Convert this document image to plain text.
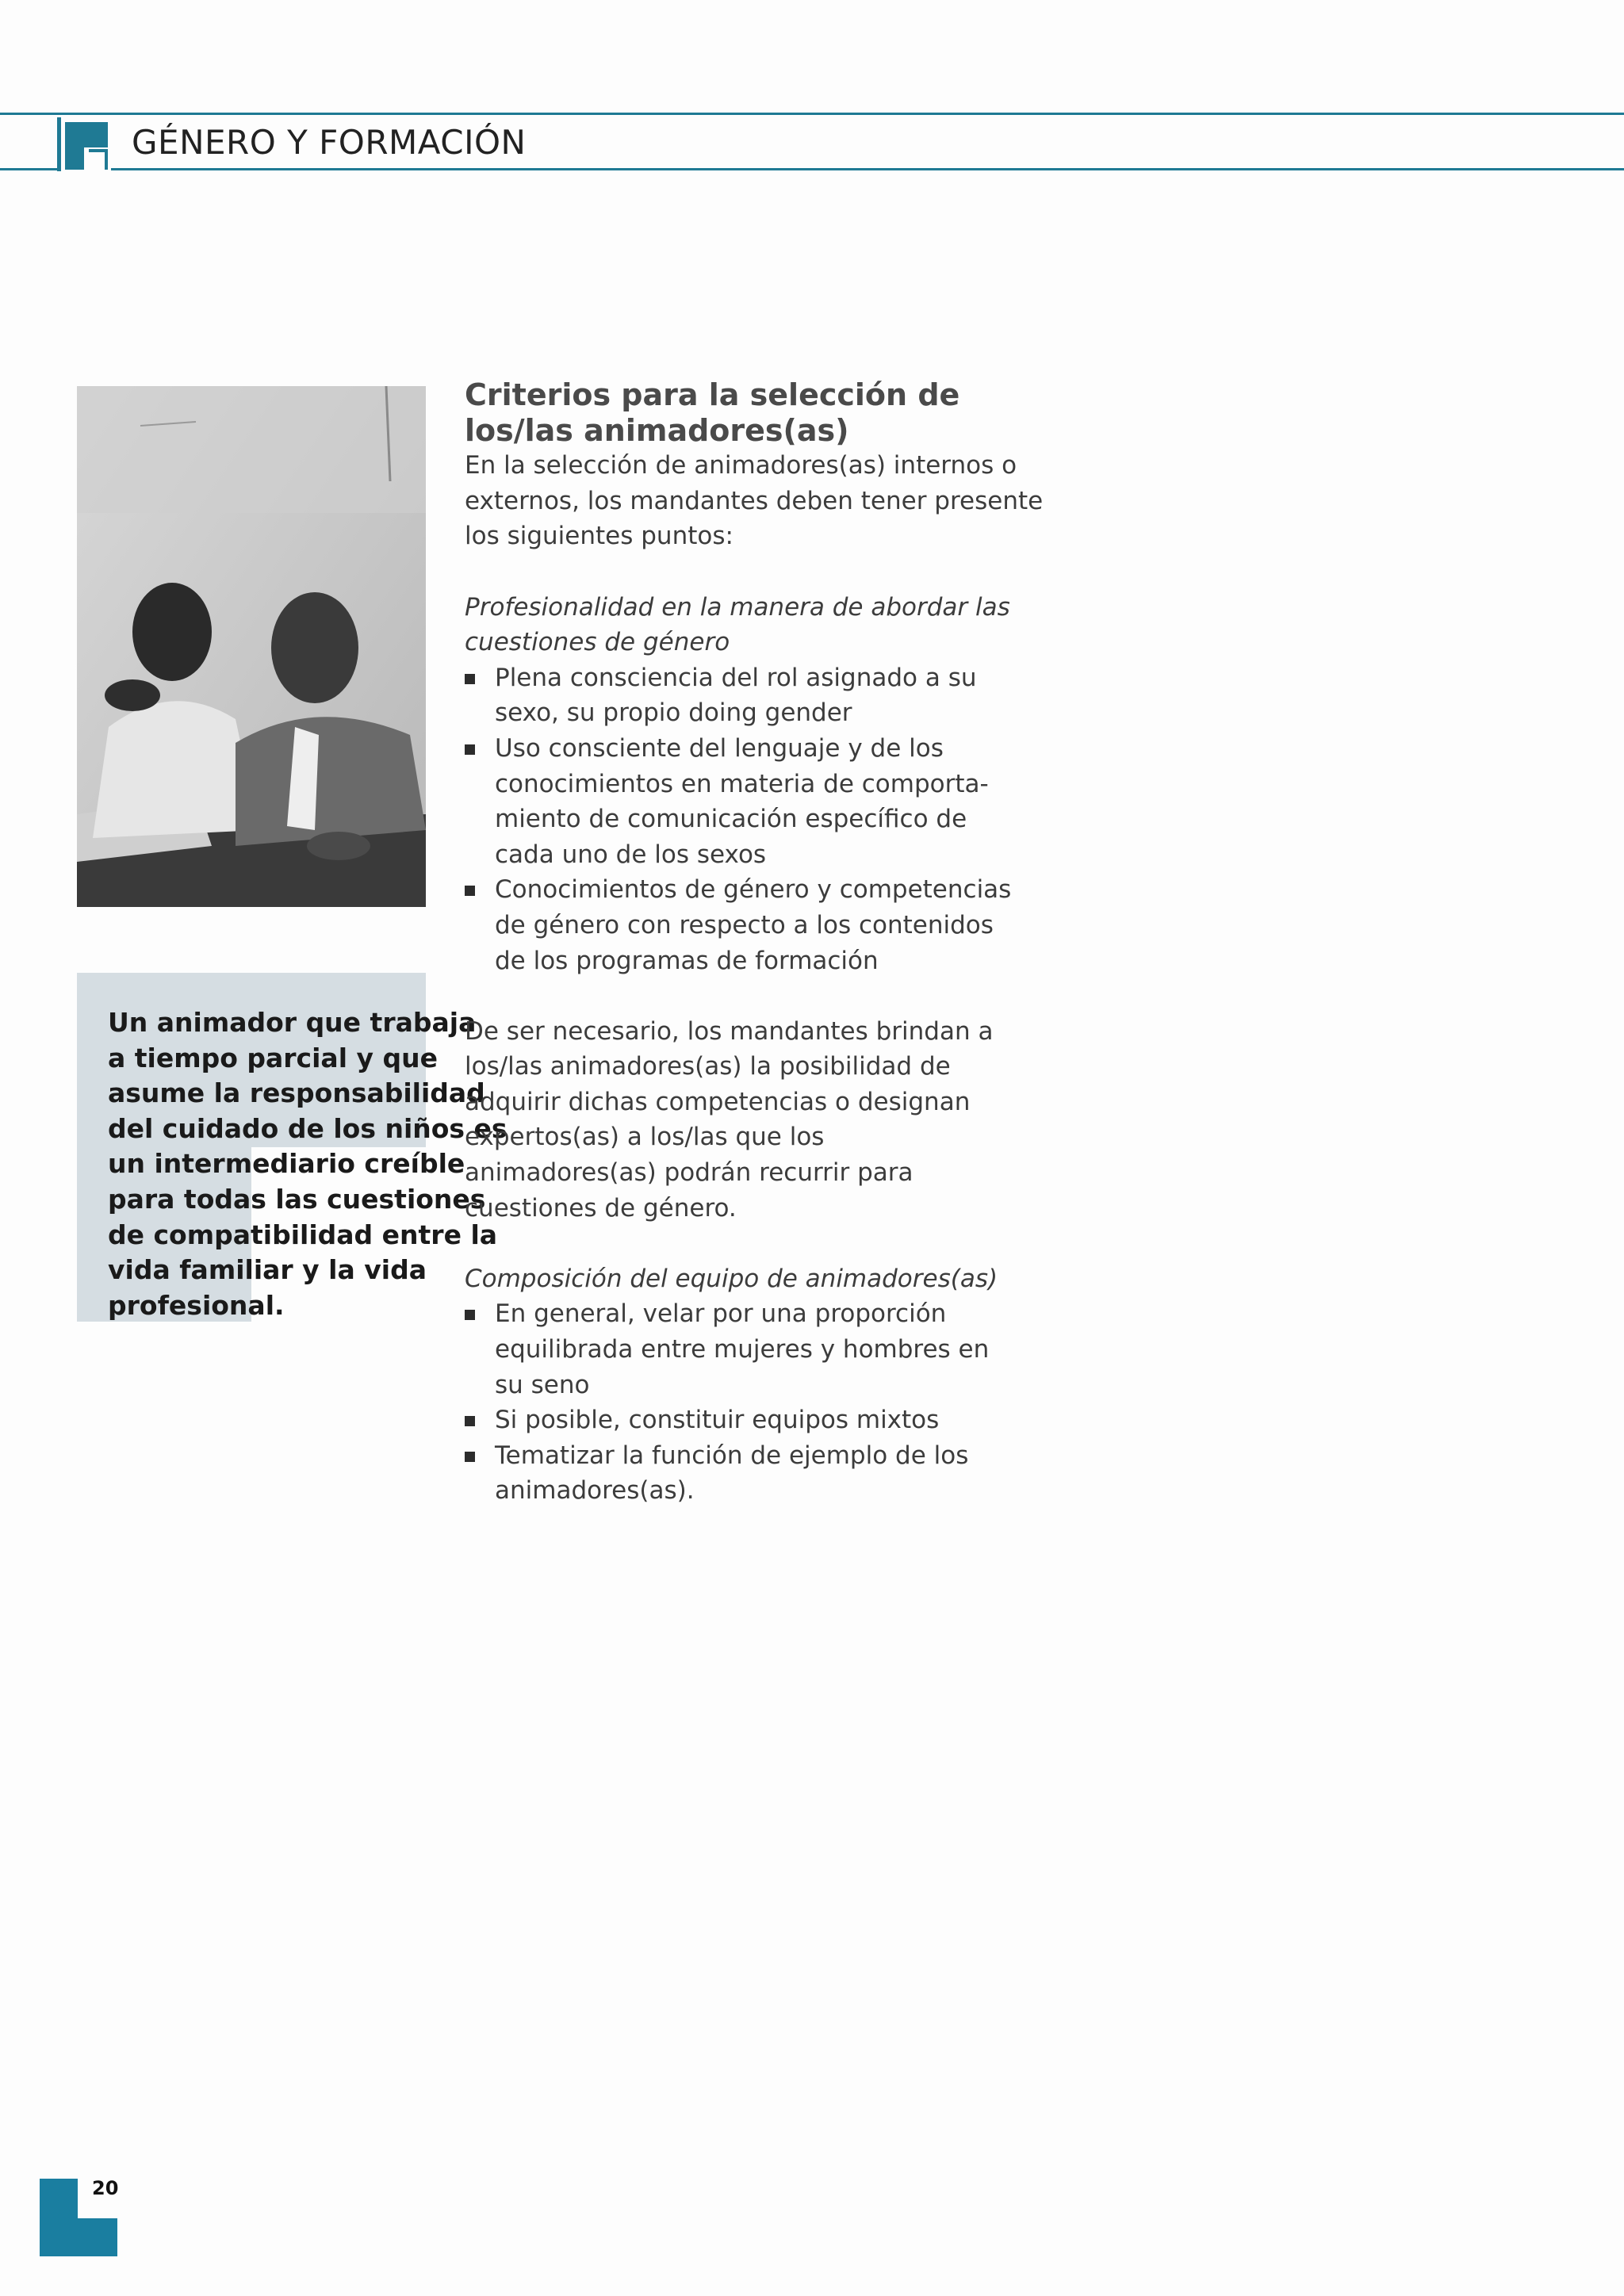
GÉNERO Y FORMACIÓN
Un animador que trabaja
a tiempo parcial y que
asume la responsabilidad
del cuidado de los niños es
un intermediario creíble
para todas las cuestiones
de compatibilidad entre la
vida familiar y la vida
profesional.
Criterios para la selección de
los/las animadores(as)
En la selección de animadores(as) internos o
externos, los mandantes deben tener presente
los siguientes puntos:
Profesionalidad en la manera de abordar las
cuestiones de género
Plena consciencia del rol asignado a su
sexo, su propio doing gender
Uso consciente del lenguaje y de los
conocimientos en materia de comporta-
miento de comunicación específico de
cada uno de los sexos
Conocimientos de género y competencias
de género con respecto a los contenidos
de los programas de formación
De ser necesario, los mandantes brindan a
los/las animadores(as) la posibilidad de
adquirir dichas competencias o designan
expertos(as) a los/las que los
animadores(as) podrán recurrir para
cuestiones de género.
Composición del equipo de animadores(as)
En general, velar por una proporción
equilibrada entre mujeres y hombres en
su seno
Si posible, constituir equipos mixtos
Tematizar la función de ejemplo de los
animadores(as).
20
